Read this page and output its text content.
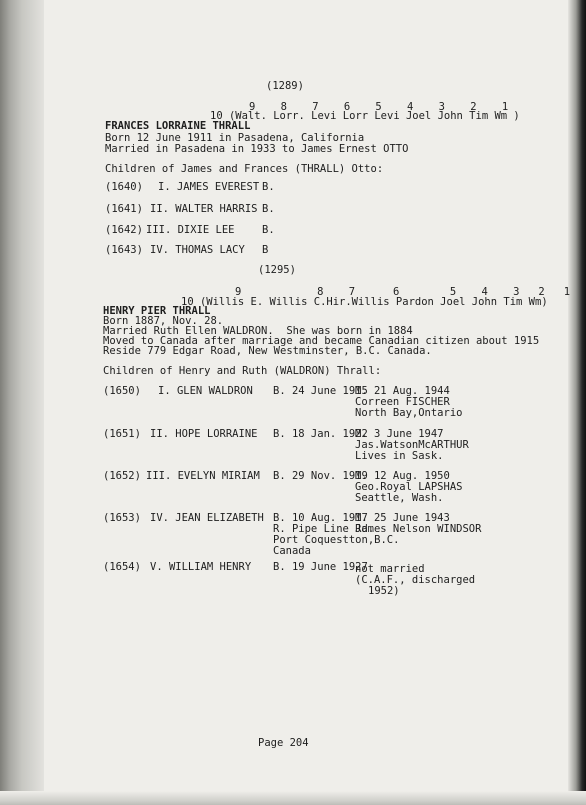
(1289)
9    8    7    6    5    4    3    2    1
10 (Walt. Lorr. Levi Lorr Levi Joel John Tim Wm )
FRANCES LORRAINE THRALL
Born 12 June 1911 in Pasadena, California
Married in Pasadena in 1933 to James Ernest OTTO
Children of James and Frances (THRALL) Otto:
(1640) I. JAMES EVEREST B.
(1641) II. WALTER HARRIS B.
(1642) III. DIXIE LEE	B.
(1643) IV. THOMAS LACY B
(1295)
9            8    7      6        5    4    3   2   1
10 (Willis E. Willis C.Hir.Willis Pardon Joel John Tim Wm)
HENRY PIER THRALL
Born 1887, Nov. 28.
Married Ruth Ellen WALDRON.  She was born in 1884
Moved to Canada after marriage and became Canadian citizen about 1915
Reside 779 Edgar Road, New Westminster, B.C. Canada.
Children of Henry and Ruth (WALDRON) Thrall:
(1650) I. GLEN WALDRON B. 24 June 1915
M. 21 Aug. 1944
Correen FISCHER
North Bay,Ontario
(1651) II. HOPE LORRAINE B. 18 Jan. 1922
M. 3 June 1947
Jas.WatsonMcARTHUR
Lives in Sask.
(1652) III. EVELYN MIRIAM B. 29 Nov. 1919
M. 12 Aug. 1950
Geo.Royal LAPSHAS
Seattle, Wash.
(1653) IV. JEAN ELIZABETH B. 10 Aug. 1917
R. Pipe Line Rd.
Port Coquestton,B.C.
Canada
M. 25 June 1943
James Nelson WINDSOR
(1654) V. WILLIAM HENRY B. 19 June 1927
not married
(C.A.F., discharged
1952)
Page 204
